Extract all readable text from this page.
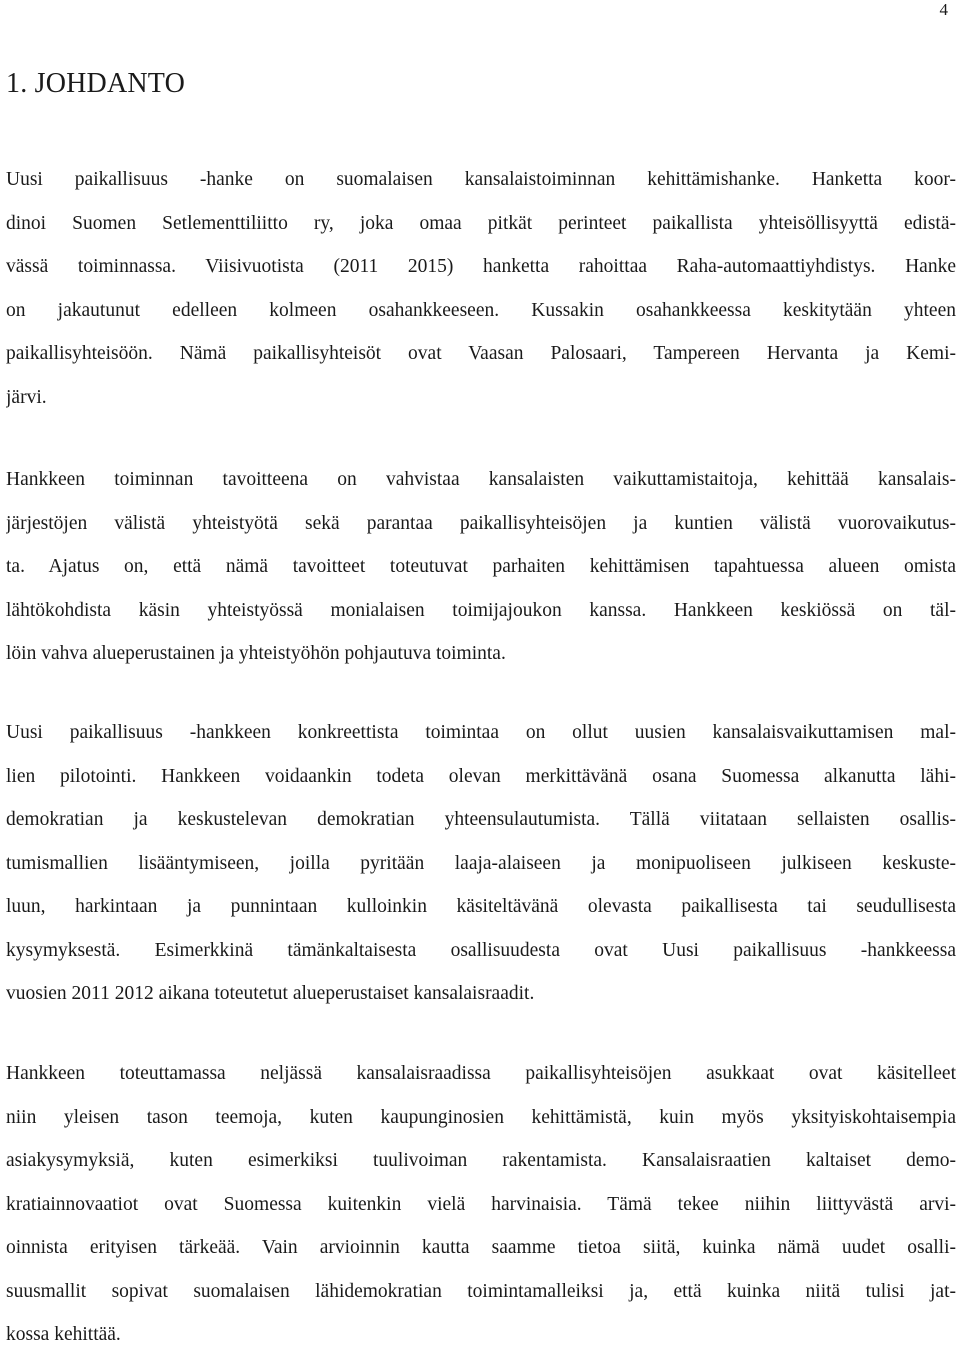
4
1. JOHDANTO
Uusi paikallisuus -hanke on suomalaisen kansalaistoiminnan kehittämishanke. Hanketta koor-
dinoi Suomen Setlementtiliitto ry, joka omaa pitkät perinteet paikallista yhteisöllisyyttä edistä-
vässä toiminnassa. Viisivuotista (2011 2015) hanketta rahoittaa Raha-automaattiyhdistys. Hanke
on jakautunut edelleen kolmeen osahankkeeseen. Kussakin osahankkeessa keskitytään yhteen
paikallisyhteisöön. Nämä paikallisyhteisöt ovat Vaasan Palosaari, Tampereen Hervanta ja Kemi-
järvi.
Hankkeen toiminnan tavoitteena on vahvistaa kansalaisten vaikuttamistaitoja, kehittää kansalais-
järjestöjen välistä yhteistyötä sekä parantaa paikallisyhteisöjen ja kuntien välistä vuorovaikutus-
ta. Ajatus on, että nämä tavoitteet toteutuvat parhaiten kehittämisen tapahtuessa alueen omista
lähtökohdista käsin yhteistyössä monialaisen toimijajoukon kanssa. Hankkeen keskiössä on täl-
löin vahva alueperustainen ja yhteistyöhön pohjautuva toiminta.
Uusi paikallisuus -hankkeen konkreettista toimintaa on ollut uusien kansalaisvaikuttamisen mal-
lien pilotointi. Hankkeen voidaankin todeta olevan merkittävänä osana Suomessa alkanutta lähi-
demokratian ja keskustelevan demokratian yhteensulautumista. Tällä viitataan sellaisten osallis-
tumismallien lisääntymiseen, joilla pyritään laaja-alaiseen ja monipuoliseen julkiseen keskuste-
luun, harkintaan ja punnintaan kulloinkin käsiteltävänä olevasta paikallisesta tai seudullisesta
kysymyksestä. Esimerkkinä tämänkaltaisesta osallisuudesta ovat Uusi paikallisuus -hankkeessa
vuosien 2011 2012 aikana toteutetut alueperustaiset kansalaisraadit.
Hankkeen toteuttamassa neljässä kansalaisraadissa paikallisyhteisöjen asukkaat ovat käsitelleet
niin yleisen tason teemoja, kuten kaupunginosien kehittämistä, kuin myös yksityiskohtaisempia
asiakysymyksiä, kuten esimerkiksi tuulivoiman rakentamista. Kansalaisraatien kaltaiset demo-
kratiainnovaatiot ovat Suomessa kuitenkin vielä harvinaisia. Tämä tekee niihin liittyvästä arvi-
oinnista erityisen tärkeää. Vain arvioinnin kautta saamme tietoa siitä, kuinka nämä uudet osalli-
suusmallit sopivat suomalaisen lähidemokratian toimintamalleiksi ja, että kuinka niitä tulisi jat-
kossa kehittää.
